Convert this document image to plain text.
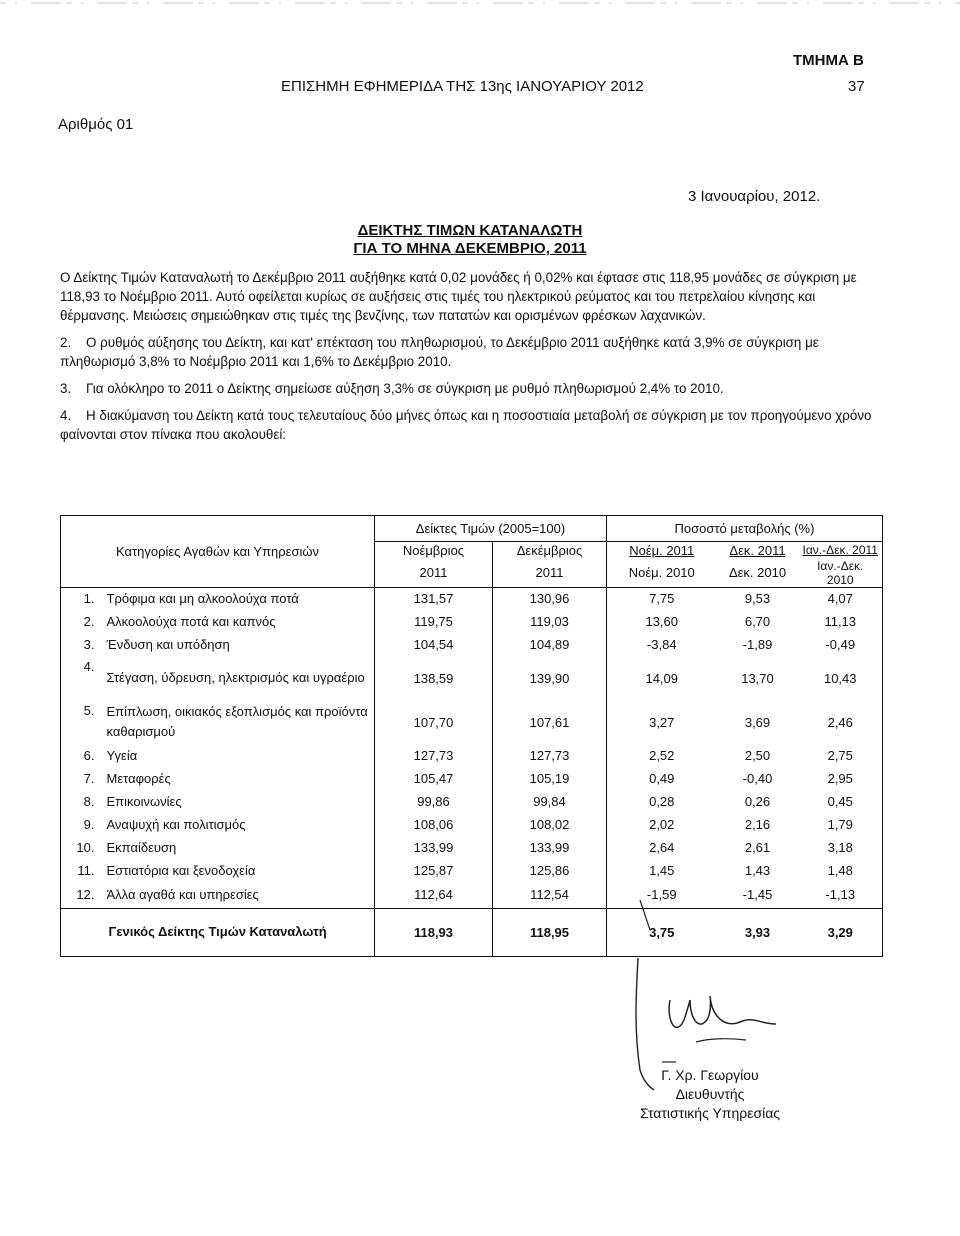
ΤΜΗΜΑ Β
ΕΠΙΣΗΜΗ ΕΦΗΜΕΡΙΔΑ ΤΗΣ 13ης ΙΑΝΟΥΑΡΙΟΥ 2012	37
Αριθμός 01
3 Ιανουαρίου, 2012.
ΔΕΙΚΤΗΣ ΤΙΜΩΝ ΚΑΤΑΝΑΛΩΤΗ
ΓΙΑ ΤΟ ΜΗΝΑ ΔΕΚΕΜΒΡΙΟ, 2011

Ο Δείκτης Τιμών Καταναλωτή το Δεκέμβριο 2011 αυξήθηκε κατά 0,02 μονάδες ή 0,02% και έφτασε στις 118,95 μονάδες σε σύγκριση με 118,93 το Νοέμβριο 2011. Αυτό οφείλεται κυρίως σε αυξήσεις στις τιμές του ηλεκτρικού ρεύματος και του πετρελαίου κίνησης και θέρμανσης. Μειώσεις σημειώθηκαν στις τιμές της βενζίνης, των πατατών και ορισμένων φρέσκων λαχανικών.

2. Ο ρυθμός αύξησης του Δείκτη, και κατ' επέκταση του πληθωρισμού, το Δεκέμβριο 2011 αυξήθηκε κατά 3,9% σε σύγκριση με πληθωρισμό 3,8% το Νοέμβριο 2011 και 1,6% το Δεκέμβριο 2010.

3. Για ολόκληρο το 2011 ο Δείκτης σημείωσε αύξηση 3,3% σε σύγκριση με ρυθμό πληθωρισμού 2,4% το 2010.

4. Η διακύμανση του Δείκτη κατά τους τελευταίους δύο μήνες όπως και η ποσοστιαία μεταβολή σε σύγκριση με τον προηγούμενο χρόνο φαίνονται στον πίνακα που ακολουθεί:

Κατηγορίες Αγαθών και Υπηρεσιών		Δείκτες Τιμών (2005=100)		Ποσοστό μεταβολής (%)		
		Νοέμβριος	Δεκέμβριος	Νοέμ. 2011	Δεκ. 2011	Ιαν.-Δεκ. 2011
		2011	2011	Νοέμ. 2010	Δεκ. 2010	Ιαν.-Δεκ. 2010
1.	Τρόφιμα και μη αλκοολούχα ποτά	131,57	130,96	7,75	9,53	4,07
2.	Αλκοολούχα ποτά και καπνός	119,75	119,03	13,60	6,70	11,13
3.	Ένδυση και υπόδηση	104,54	104,89	-3,84	-1,89	-0,49
4.	Στέγαση, ύδρευση, ηλεκτρισμός και υγραέριο	138,59	139,90	14,09	13,70	10,43
5.	Επίπλωση, οικιακός εξοπλισμός και προϊόντα καθαρισμού	107,70	107,61	3,27	3,69	2,46
6.	Υγεία	127,73	127,73	2,52	2,50	2,75
7.	Μεταφορές	105,47	105,19	0,49	-0,40	2,95
8.	Επικοινωνίες	99,86	99,84	0,28	0,26	0,45
9.	Αναψυχή και πολιτισμός	108,06	108,02	2,02	2,16	1,79
10.	Εκπαίδευση	133,99	133,99	2,64	2,61	3,18
11.	Εστιατόρια και ξενοδοχεία	125,87	125,86	1,45	1,43	1,48
12.	Άλλα αγαθά και υπηρεσίες	112,64	112,54	-1,59	-1,45	-1,13
	Γενικός Δείκτης Τιμών Καταναλωτή	118,93	118,95	3,75	3,93	3,29
Γ. Χρ. Γεωργίου
Διευθυντής
Στατιστικής Υπηρεσίας
